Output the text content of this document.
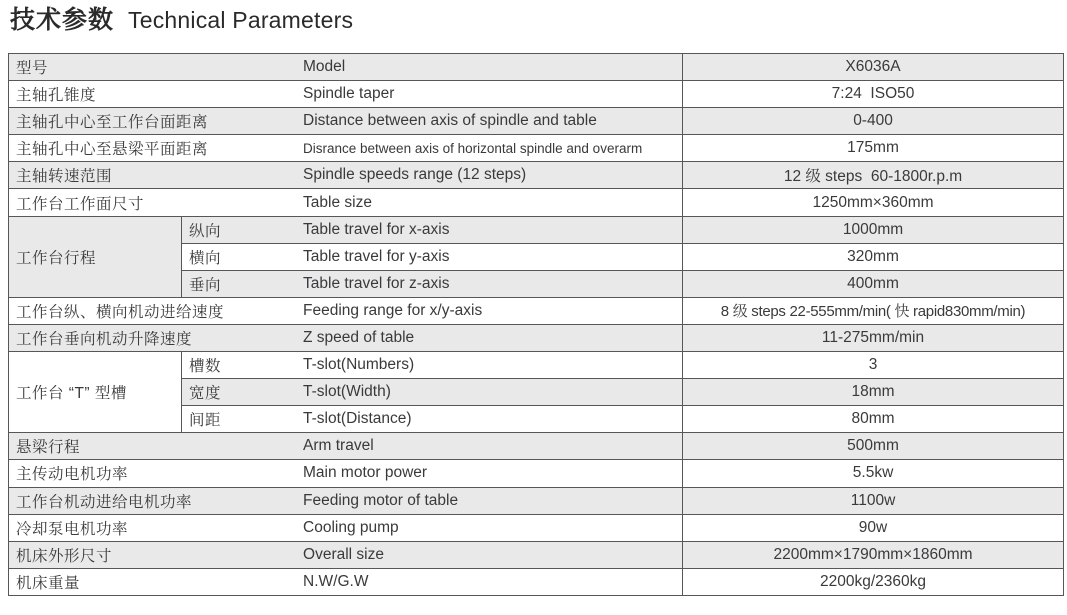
技术参数 Technical Parameters
型号		Model	X6036A
主轴孔锥度		Spindle taper	7:24  ISO50
主轴孔中心至工作台面距离		Distance between axis of spindle and table	0-400
主轴孔中心至悬梁平面距离		Disrance between axis of horizontal spindle and overarm	175mm
主轴转速范围		Spindle speeds range (12 steps)	12 级 steps  60-1800r.p.m
工作台工作面尺寸		Table size	1250mm×360mm
工作台行程	纵向	Table travel for x-axis	1000mm
	横向	Table travel for y-axis	320mm
	垂向	Table travel for z-axis	400mm
工作台纵、横向机动进给速度		Feeding range for x/y-axis	8 级 steps 22-555mm/min( 快 rapid830mm/min)
工作台垂向机动升降速度		Z speed of table	11-275mm/min
工作台 “T” 型槽	槽数	T-slot(Numbers)	3
	宽度	T-slot(Width)	18mm
	间距	T-slot(Distance)	80mm
悬梁行程		Arm travel	500mm
主传动电机功率		Main motor power	5.5kw
工作台机动进给电机功率		Feeding motor of table	1100w
冷却泵电机功率		Cooling pump	90w
机床外形尺寸		Overall size	2200mm×1790mm×1860mm
机床重量		N.W/G.W	2200kg/2360kg
